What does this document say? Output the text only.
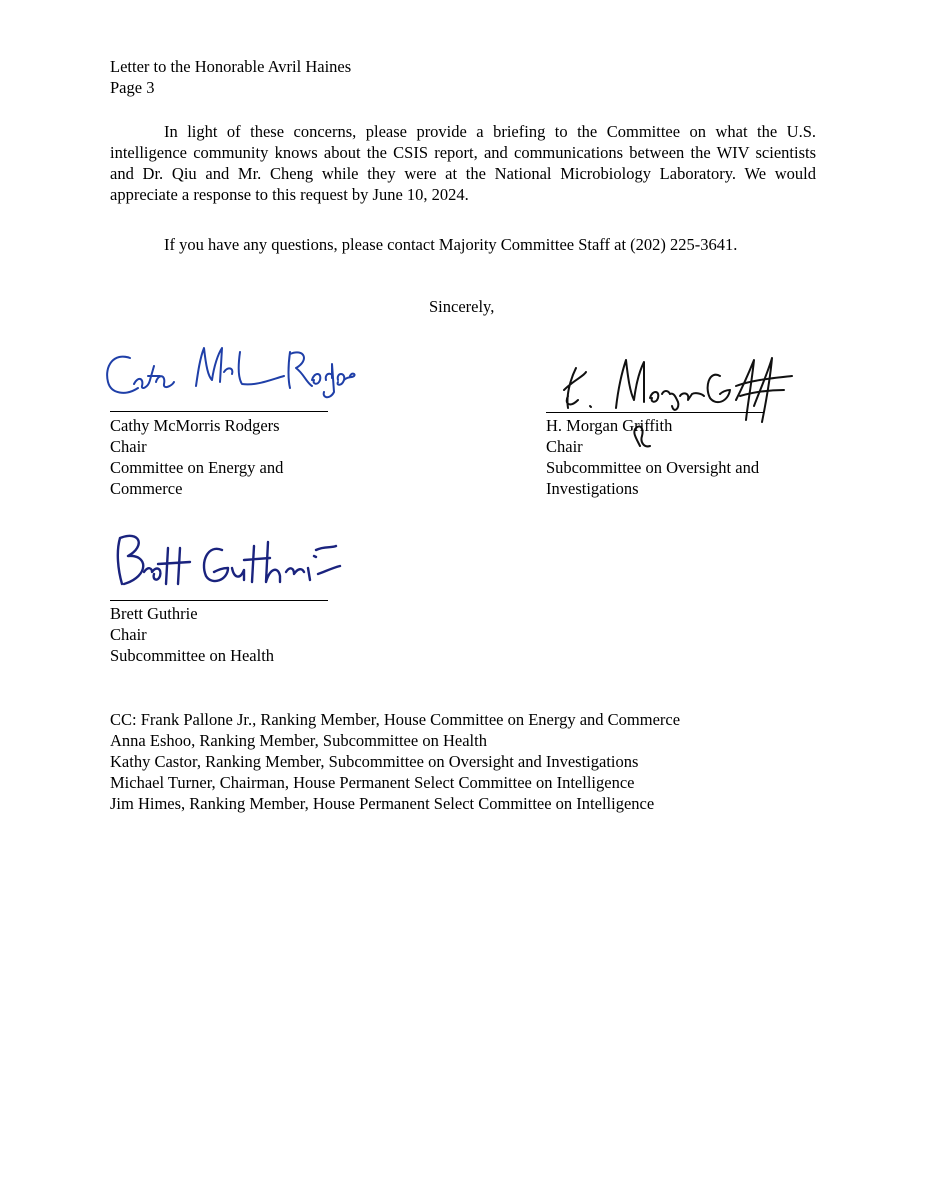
Letter to the Honorable Avril Haines
Page 3

In light of these concerns, please provide a briefing to the Committee on what the U.S. intelligence community knows about the CSIS report, and communications between the WIV scientists and Dr. Qiu and Mr. Cheng while they were at the National Microbiology Laboratory. We would appreciate a response to this request by June 10, 2024.

If you have any questions, please contact Majority Committee Staff at (202) 225-3641.

Sincerely,
Cathy McMorris Rodgers
Chair
Committee on Energy and
Commerce
H. Morgan Griffith
Chair
Subcommittee on Oversight and
Investigations
Brett Guthrie
Chair
Subcommittee on Health
CC: Frank Pallone Jr., Ranking Member, House Committee on Energy and Commerce
Anna Eshoo, Ranking Member, Subcommittee on Health
Kathy Castor, Ranking Member, Subcommittee on Oversight and Investigations
Michael Turner, Chairman, House Permanent Select Committee on Intelligence
Jim Himes, Ranking Member, House Permanent Select Committee on Intelligence
